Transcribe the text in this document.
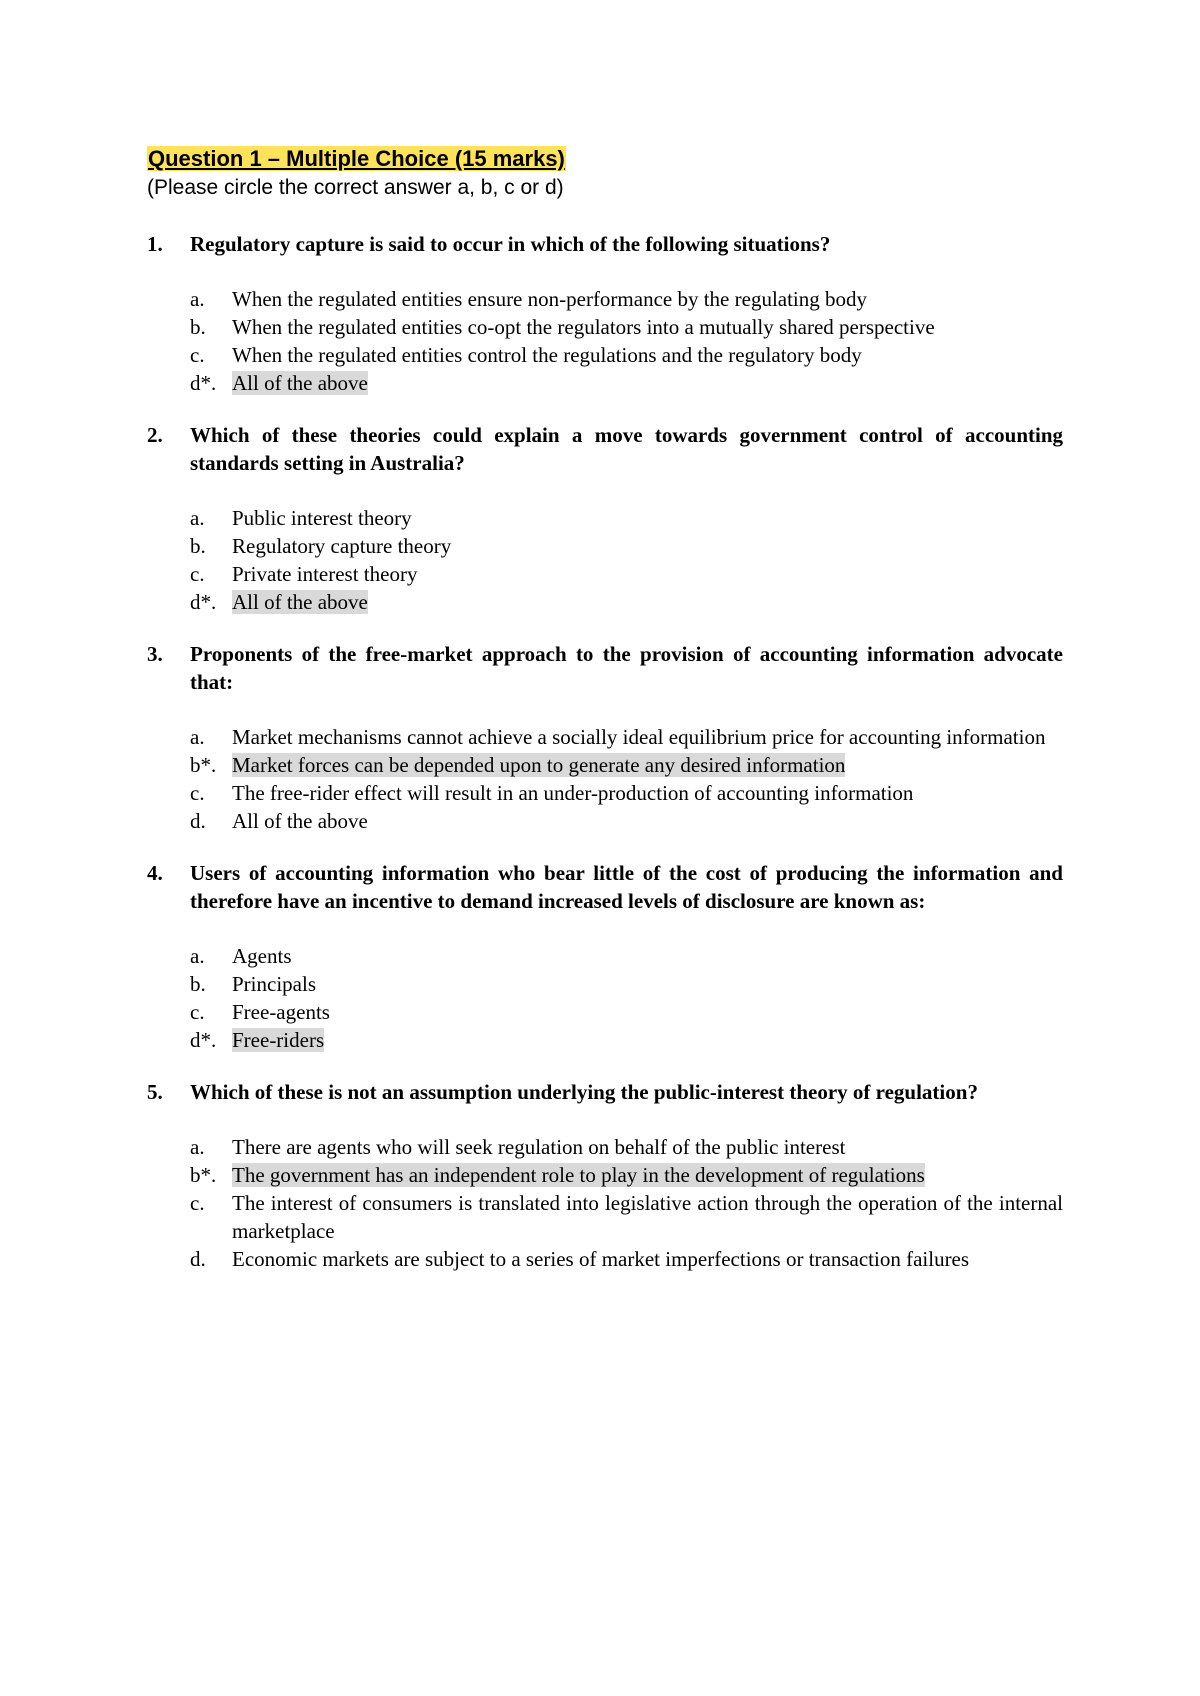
Question 1 – Multiple Choice (15 marks)
(Please circle the correct answer a, b, c or d)
1.	Regulatory capture is said to occur in which of the following situations?
a.	When the regulated entities ensure non-performance by the regulating body
b.	When the regulated entities co-opt the regulators into a mutually shared perspective
c.	When the regulated entities control the regulations and the regulatory body
d*. All of the above
2.	Which of these theories could explain a move towards government control of accounting standards setting in Australia?
a.	Public interest theory
b.	Regulatory capture theory
c.	Private interest theory
d*. All of the above
3.	Proponents of the free-market approach to the provision of accounting information advocate that:
a.	Market mechanisms cannot achieve a socially ideal equilibrium price for accounting information
b*. Market forces can be depended upon to generate any desired information
c.	The free-rider effect will result in an under-production of accounting information
d.	All of the above
4.	Users of accounting information who bear little of the cost of producing the information and therefore have an incentive to demand increased levels of disclosure are known as:
a.	Agents
b.	Principals
c.	Free-agents
d*. Free-riders
5.	Which of these is not an assumption underlying the public-interest theory of regulation?
a.	There are agents who will seek regulation on behalf of the public interest
b*. The government has an independent role to play in the development of regulations
c.	The interest of consumers is translated into legislative action through the operation of the internal marketplace
d.	Economic markets are subject to a series of market imperfections or transaction failures
